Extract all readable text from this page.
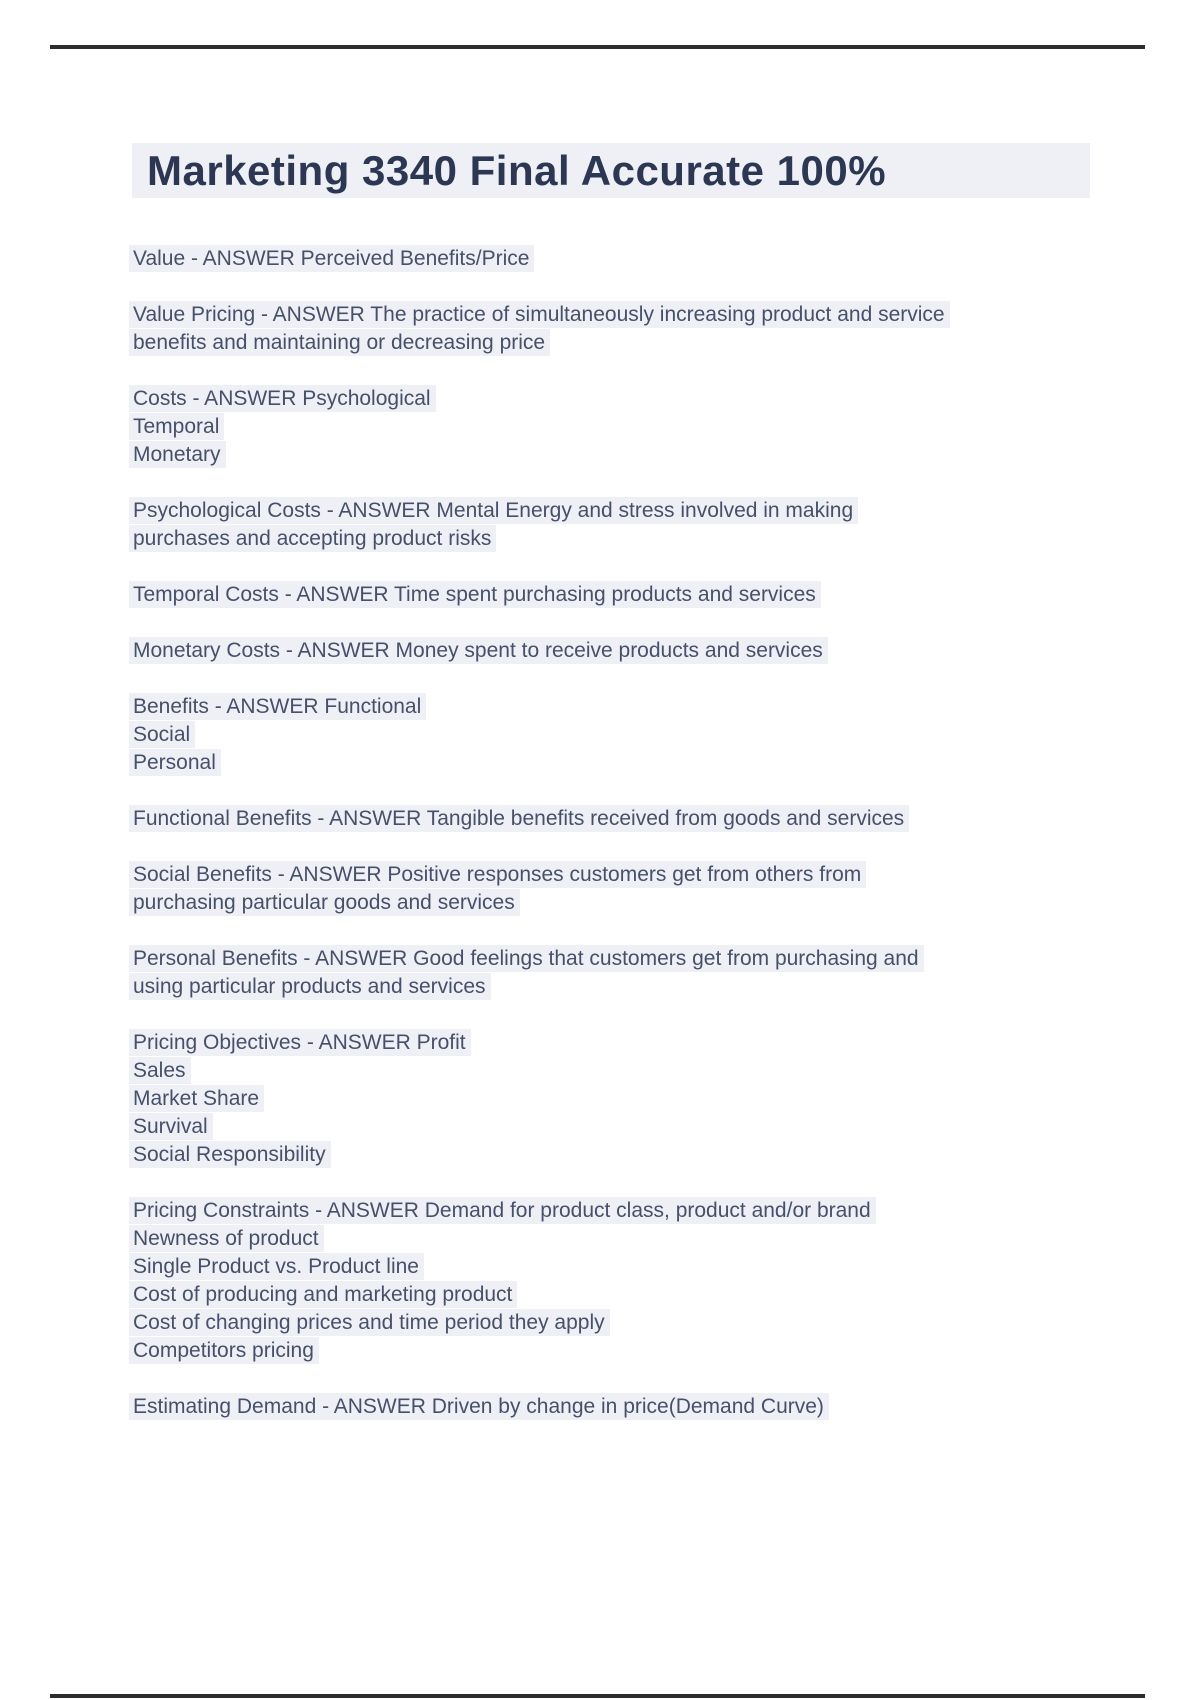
Marketing 3340 Final Accurate 100%
Value - ANSWER Perceived Benefits/Price
Value Pricing - ANSWER The practice of simultaneously increasing product and service
benefits and maintaining or decreasing price
Costs - ANSWER Psychological
Temporal
Monetary
Psychological Costs - ANSWER Mental Energy and stress involved in making
purchases and accepting product risks
Temporal Costs - ANSWER Time spent purchasing products and services
Monetary Costs - ANSWER Money spent to receive products and services
Benefits - ANSWER Functional
Social
Personal
Functional Benefits - ANSWER Tangible benefits received from goods and services
Social Benefits - ANSWER Positive responses customers get from others from
purchasing particular goods and services
Personal Benefits - ANSWER Good feelings that customers get from purchasing and
using particular products and services
Pricing Objectives - ANSWER Profit
Sales
Market Share
Survival
Social Responsibility
Pricing Constraints - ANSWER Demand for product class, product and/or brand
Newness of product
Single Product vs. Product line
Cost of producing and marketing product
Cost of changing prices and time period they apply
Competitors pricing
Estimating Demand - ANSWER Driven by change in price(Demand Curve)
